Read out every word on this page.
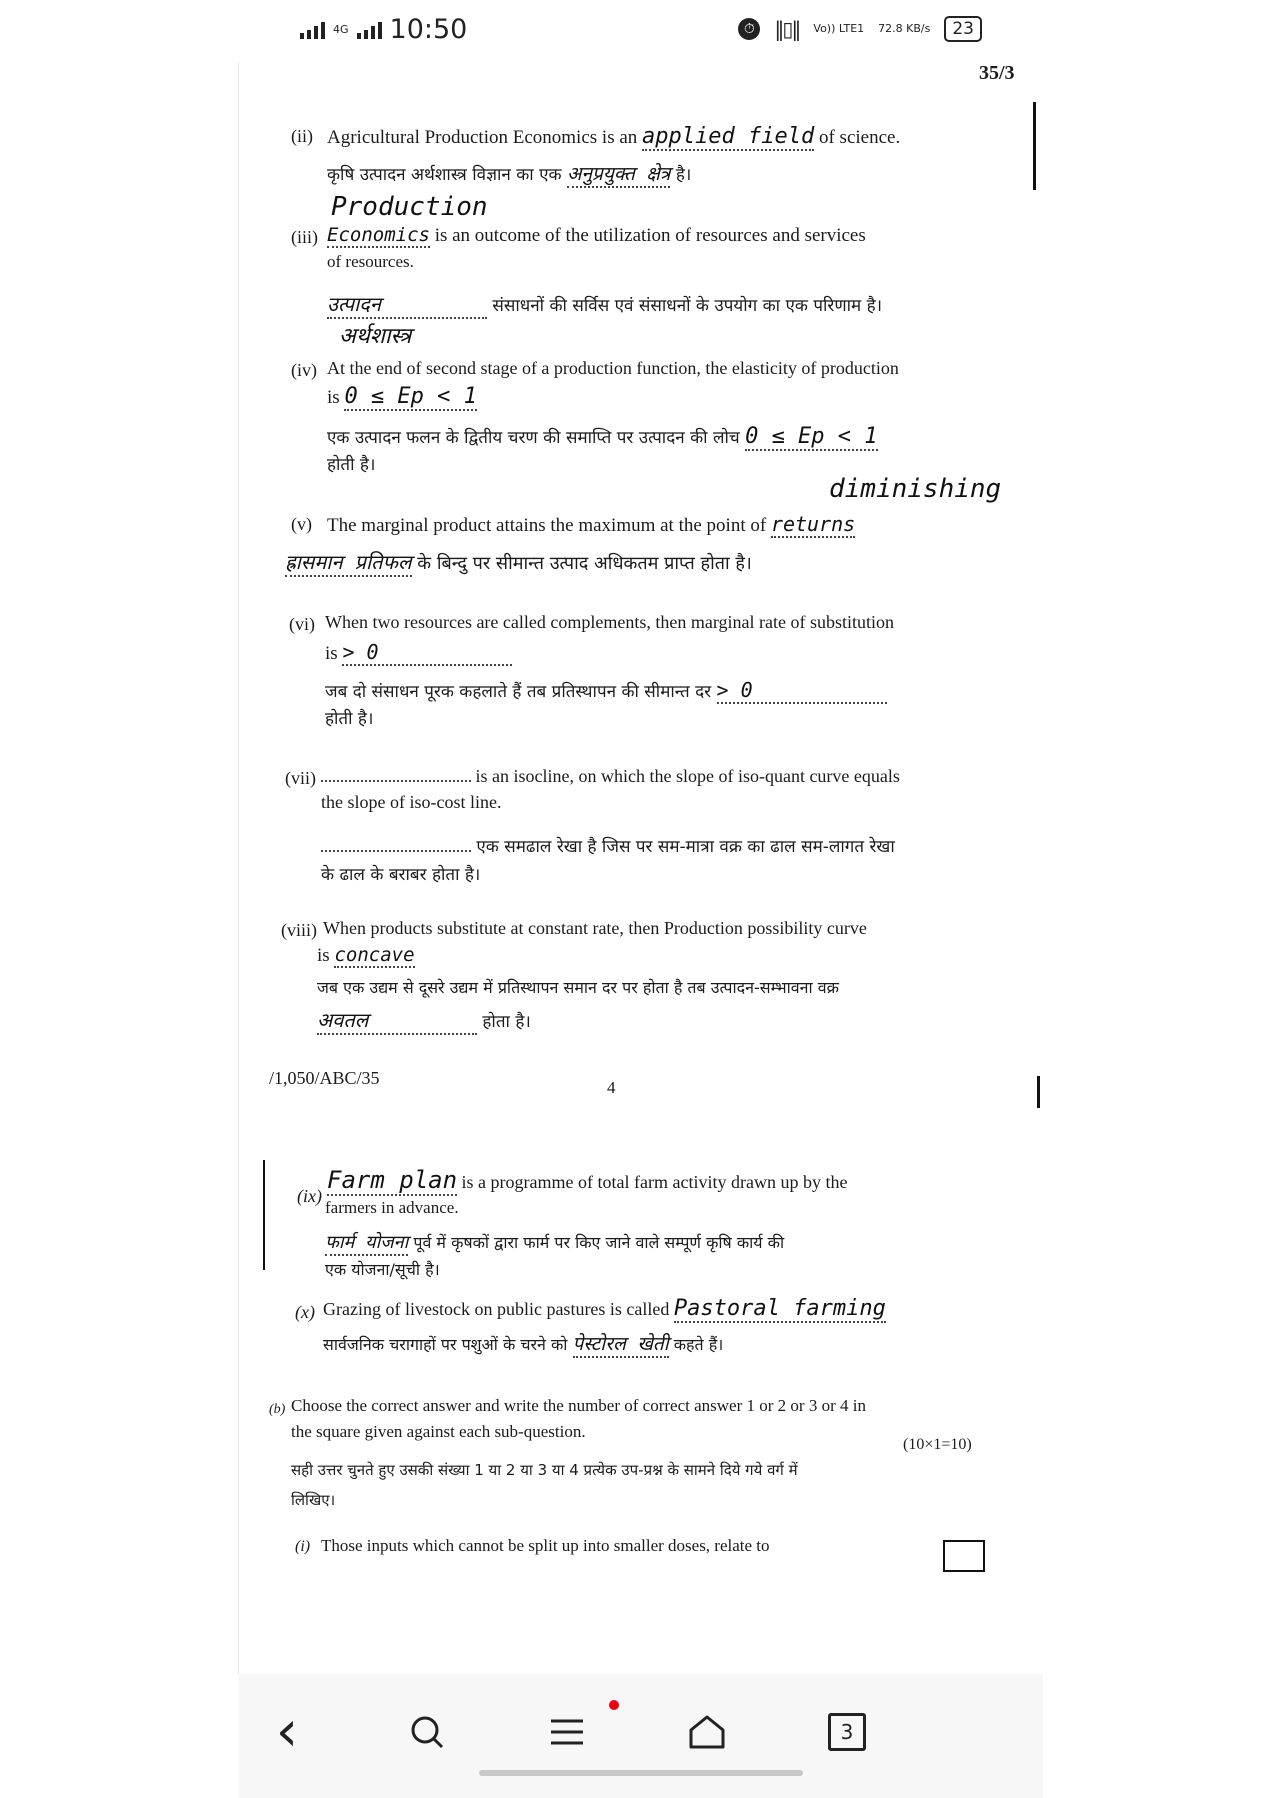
4G 10:50	⏱ ‖▯‖ Vo)) LTE1 72.8 KB/s	23
35/3
(ii) Agricultural Production Economics is an applied field of science.
कृषि उत्पादन अर्थशास्त्र विज्ञान का एक अनुप्रयुक्त क्षेत्र है।
Production
(iii) Economics is an outcome of the utilization of resources and services
of resources.
उत्पादन	संसाधनों की सर्विस एवं संसाधनों के उपयोग का एक परिणाम है।
अर्थशास्त्र
(iv) At the end of second stage of a production function, the elasticity of production
is 0 ≤ Ep < 1
एक उत्पादन फलन के द्वितीय चरण की समाप्ति पर उत्पादन की लोच 0 ≤ Ep < 1
होती है।
diminishing
(v) The marginal product attains the maximum at the point of returns
ह्रासमान प्रतिफल के बिन्दु पर सीमान्त उत्पाद अधिकतम प्राप्त होता है।
(vi) When two resources are called complements, then marginal rate of substitution
is > 0
जब दो संसाधन पूरक कहलाते हैं तब प्रतिस्थापन की सीमान्त दर > 0
होती है।
(vii)	is an isocline, on which the slope of iso-quant curve equals
the slope of iso-cost line.
एक समढाल रेखा है जिस पर सम-मात्रा वक्र का ढाल सम-लागत रेखा
के ढाल के बराबर होता है।
(viii) When products substitute at constant rate, then Production possibility curve
is concave
जब एक उद्यम से दूसरे उद्यम में प्रतिस्थापन समान दर पर होता है तब उत्पादन-सम्भावना वक्र
अवतल	होता है।
/1,050/ABC/35	4
(ix)
Farm plan is a programme of total farm activity drawn up by the
farmers in advance.
फार्म योजना पूर्व में कृषकों द्वारा फार्म पर किए जाने वाले सम्पूर्ण कृषि कार्य की
एक योजना/सूची है।
(x) Grazing of livestock on public pastures is called Pastoral farming
सार्वजनिक चरागाहों पर पशुओं के चरने को पेस्टोरल खेती कहते हैं।
(b) Choose the correct answer and write the number of correct answer 1 or 2 or 3 or 4 in
the square given against each sub-question.
(10×1=10)
सही उत्तर चुनते हुए उसकी संख्या 1 या 2 या 3 या 4 प्रत्येक उप-प्रश्न के सामने दिये गये वर्ग में
लिखिए।
(i) Those inputs which cannot be split up into smaller doses, relate to
‹	3
